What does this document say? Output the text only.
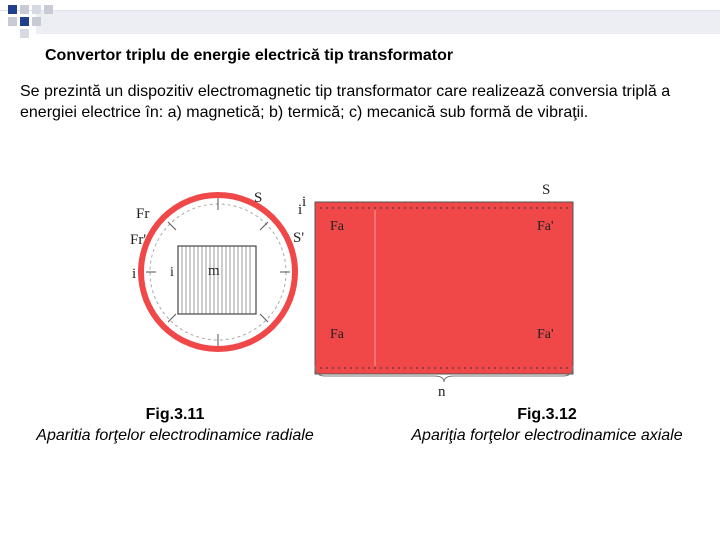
Convertor triplu de energie electrică tip transformator
Se prezintă un dispozitiv electromagnetic tip transformator care realizează conversia triplă a energiei electrice în: a) magnetică; b) termică; c) mecanică sub formă de vibraţii.
S
i
S'
Fr
Fr'
i i m
S
i
Fa	Fa'
Fa	Fa'
n
Fig.3.11
Aparitia forţelor electrodinamice radiale
Fig.3.12
Apariţia forţelor electrodinamice axiale
